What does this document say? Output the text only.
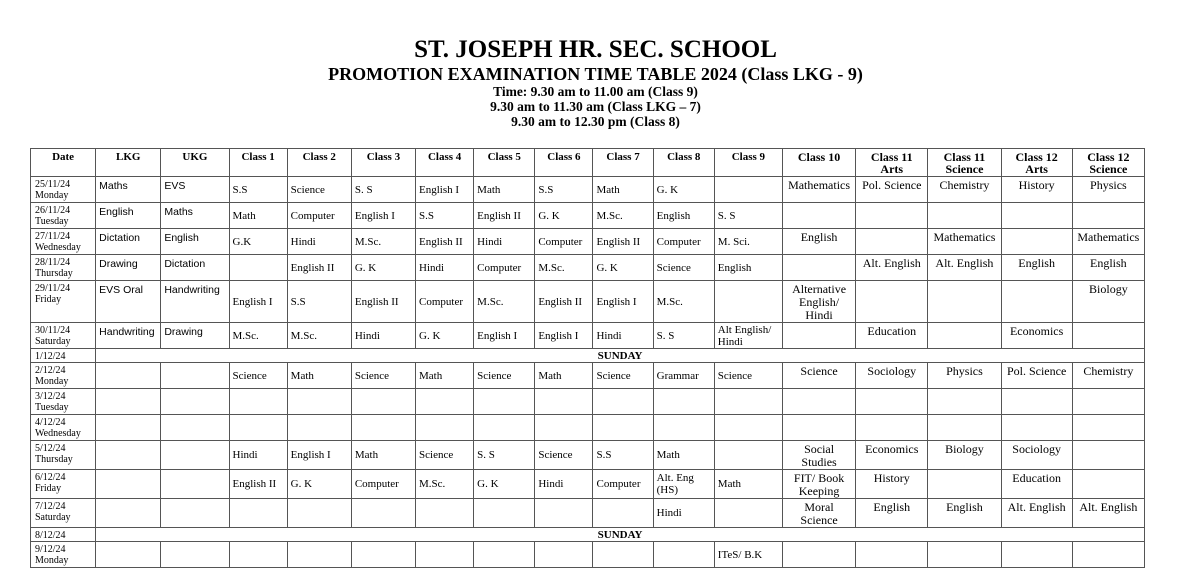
ST. JOSEPH HR. SEC. SCHOOL
PROMOTION EXAMINATION TIME TABLE 2024 (Class LKG - 9)
Time: 9.30 am to 11.00 am (Class 9)
9.30 am to 11.30 am (Class LKG – 7)
9.30 am to 12.30 pm (Class 8)
Date	LKG	UKG	Class 1	Class 2	Class 3	Class 4	Class 5	Class 6	Class 7	Class 8	Class 9	Class 10	Class 11 Arts	Class 11 Science	Class 12 Arts	Class 12 Science

25/11/24
Monday	Maths	EVS	S.S	Science	S. S	English I	Math	S.S	Math	G. K		Mathematics	Pol. Science	Chemistry	History	Physics

26/11/24
Tuesday	English	Maths	Math	Computer	English I	S.S	English II	G. K	M.Sc.	English	S. S					

27/11/24
Wednesday	Dictation	English	G.K	Hindi	M.Sc.	English II	Hindi	Computer	English II	Computer	M. Sci.	English		Mathematics		Mathematics

28/11/24
Thursday	Drawing	Dictation		English II	G. K	Hindi	Computer	M.Sc.	G. K	Science	English		Alt. English	Alt. English	English	English

29/11/24
Friday	EVS Oral	Handwriting	English I	S.S	English II	Computer	M.Sc.	English II	English I	M.Sc.		Alternative English/ Hindi				Biology

30/11/24
Saturday	Handwriting	Drawing	M.Sc.	M.Sc.	Hindi	G. K	English I	English I	Hindi	S. S	Alt English/ Hindi		Education		Economics	

1/12/24	SUNDAY															

2/12/24
Monday			Science	Math	Science	Math	Science	Math	Science	Grammar	Science	Science	Sociology	Physics	Pol. Science	Chemistry

3/12/24
Tuesday																

4/12/24
Wednesday																

5/12/24
Thursday			Hindi	English I	Math	Science	S. S	Science	S.S	Math		Social Studies	Economics	Biology	Sociology	

6/12/24
Friday			English II	G. K	Computer	M.Sc.	G. K	Hindi	Computer	Alt. Eng (HS)	Math	FIT/ Book Keeping	History		Education	

7/12/24
Saturday										Hindi		Moral Science	English	English	Alt. English	Alt. English

8/12/24	SUNDAY															

9/12/24
Monday											ITeS/ B.K					
